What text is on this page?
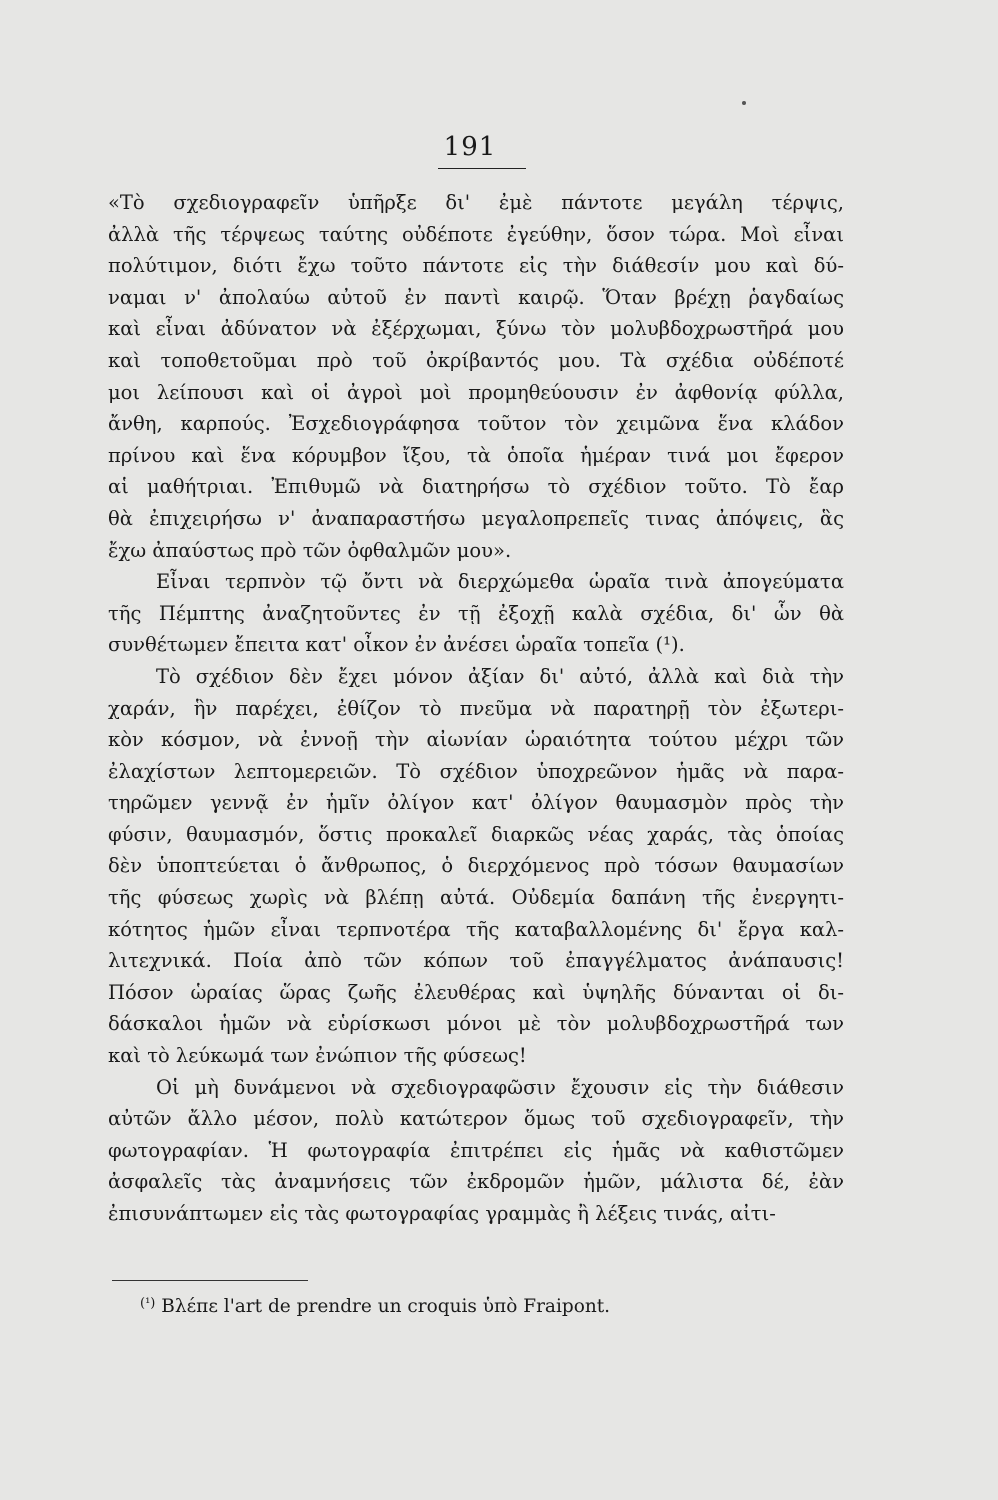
191
«Τὸ σχεδιογραφεῖν ὑπῆρξε δι' ἐμὲ πάντοτε μεγάλη τέρψις,
ἀλλὰ τῆς τέρψεως ταύτης οὐδέποτε ἐγεύθην, ὅσον τώρα. Μοὶ εἶναι
πολύτιμον, διότι ἔχω τοῦτο πάντοτε εἰς τὴν διάθεσίν μου καὶ δύ-
ναμαι ν' ἀπολαύω αὐτοῦ ἐν παντὶ καιρῷ. Ὅταν βρέχῃ ῥαγδαίως
καὶ εἶναι ἀδύνατον νὰ ἐξέρχωμαι, ξύνω τὸν μολυβδοχρωστῆρά μου
καὶ τοποθετοῦμαι πρὸ τοῦ ὀκρίβαντός μου. Τὰ σχέδια οὐδέποτέ
μοι λείπουσι καὶ οἱ ἀγροὶ μοὶ προμηθεύουσιν ἐν ἀφθονίᾳ φύλλα,
ἄνθη, καρπούς. Ἐσχεδιογράφησα τοῦτον τὸν χειμῶνα ἕνα κλάδον
πρίνου καὶ ἕνα κόρυμβον ἴξου, τὰ ὁποῖα ἡμέραν τινά μοι ἔφερον
αἱ μαθήτριαι. Ἐπιθυμῶ νὰ διατηρήσω τὸ σχέδιον τοῦτο. Τὸ ἔαρ
θὰ ἐπιχειρήσω ν' ἀναπαραστήσω μεγαλοπρεπεῖς τινας ἀπόψεις, ἃς
ἔχω ἀπαύστως πρὸ τῶν ὀφθαλμῶν μου».
Εἶναι τερπνὸν τῷ ὄντι νὰ διερχώμεθα ὡραῖα τινὰ ἀπογεύματα
τῆς Πέμπτης ἀναζητοῦντες ἐν τῇ ἐξοχῇ καλὰ σχέδια, δι' ὧν θὰ
συνθέτωμεν ἔπειτα κατ' οἶκον ἐν ἀνέσει ὡραῖα τοπεῖα (¹).
Τὸ σχέδιον δὲν ἔχει μόνον ἀξίαν δι' αὐτό, ἀλλὰ καὶ διὰ τὴν
χαράν, ἣν παρέχει, ἐθίζον τὸ πνεῦμα νὰ παρατηρῇ τὸν ἐξωτερι-
κὸν κόσμον, νὰ ἐννοῇ τὴν αἰωνίαν ὡραιότητα τούτου μέχρι τῶν
ἐλαχίστων λεπτομερειῶν. Τὸ σχέδιον ὑποχρεῶνον ἡμᾶς νὰ παρα-
τηρῶμεν γεννᾷ ἐν ἡμῖν ὀλίγον κατ' ὀλίγον θαυμασμὸν πρὸς τὴν
φύσιν, θαυμασμόν, ὅστις προκαλεῖ διαρκῶς νέας χαράς, τὰς ὁποίας
δὲν ὑποπτεύεται ὁ ἄνθρωπος, ὁ διερχόμενος πρὸ τόσων θαυμασίων
τῆς φύσεως χωρὶς νὰ βλέπῃ αὐτά. Οὐδεμία δαπάνη τῆς ἐνεργητι-
κότητος ἡμῶν εἶναι τερπνοτέρα τῆς καταβαλλομένης δι' ἔργα καλ-
λιτεχνικά. Ποία ἀπὸ τῶν κόπων τοῦ ἐπαγγέλματος ἀνάπαυσις!
Πόσον ὡραίας ὥρας ζωῆς ἐλευθέρας καὶ ὑψηλῆς δύνανται οἱ δι-
δάσκαλοι ἡμῶν νὰ εὑρίσκωσι μόνοι μὲ τὸν μολυβδοχρωστῆρά των
καὶ τὸ λεύκωμά των ἐνώπιον τῆς φύσεως!
Οἱ μὴ δυνάμενοι νὰ σχεδιογραφῶσιν ἔχουσιν εἰς τὴν διάθεσιν
αὐτῶν ἄλλο μέσον, πολὺ κατώτερον ὅμως τοῦ σχεδιογραφεῖν, τὴν
φωτογραφίαν. Ἡ φωτογραφία ἐπιτρέπει εἰς ἡμᾶς νὰ καθιστῶμεν
ἀσφαλεῖς τὰς ἀναμνήσεις τῶν ἐκδρομῶν ἡμῶν, μάλιστα δέ, ἐὰν
ἐπισυνάπτωμεν εἰς τὰς φωτογραφίας γραμμὰς ἢ λέξεις τινάς, αἰτι-
$^{(^1)}$ Βλέπε l'art de prendre un croquis ὑπὸ Fraipont.
